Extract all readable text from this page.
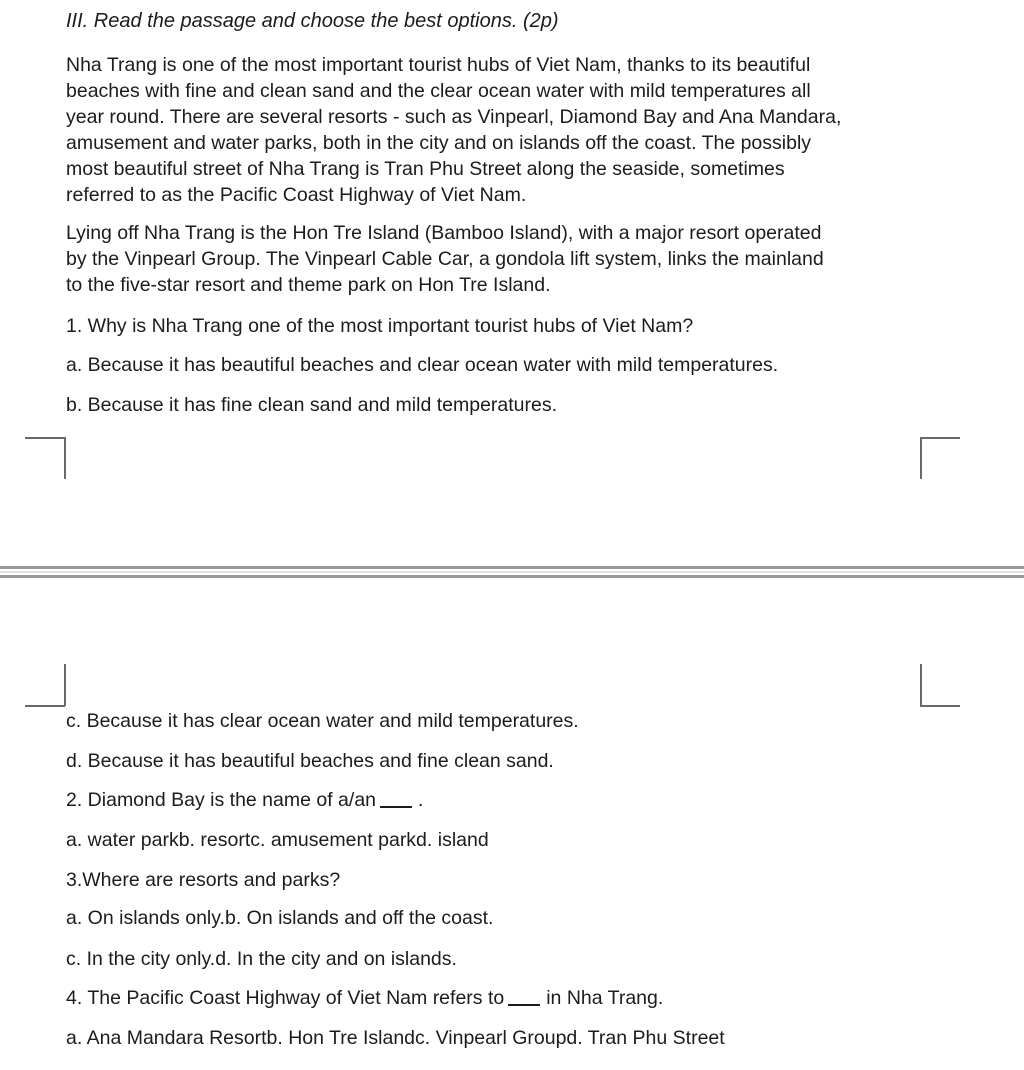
III. Read the passage and choose the best options. (2p)
Nha Trang is one of the most important tourist hubs of Viet Nam, thanks to its beautiful
beaches with fine and clean sand and the clear ocean water with mild temperatures all
year round. There are several resorts - such as Vinpearl, Diamond Bay and Ana Mandara,
amusement and water parks, both in the city and on islands off the coast. The possibly
most beautiful street of Nha Trang is Tran Phu Street along the seaside, sometimes
referred to as the Pacific Coast Highway of Viet Nam.
Lying off Nha Trang is the Hon Tre Island (Bamboo Island), with a major resort operated
by the Vinpearl Group. The Vinpearl Cable Car, a gondola lift system, links the mainland
to the five-star resort and theme park on Hon Tre Island.
1. Why is Nha Trang one of the most important tourist hubs of Viet Nam?
a. Because it has beautiful beaches and clear ocean water with mild temperatures.
b. Because it has fine clean sand and mild temperatures.
c. Because it has clear ocean water and mild temperatures.
d. Because it has beautiful beaches and fine clean sand.
2. Diamond Bay is the name of a/an .
a. water parkb. resortc. amusement parkd. island
3.Where are resorts and parks?
a. On islands only.b. On islands and off the coast.
c. In the city only.d. In the city and on islands.
4. The Pacific Coast Highway of Viet Nam refers to in Nha Trang.
a. Ana Mandara Resortb. Hon Tre Islandc. Vinpearl Groupd. Tran Phu Street
